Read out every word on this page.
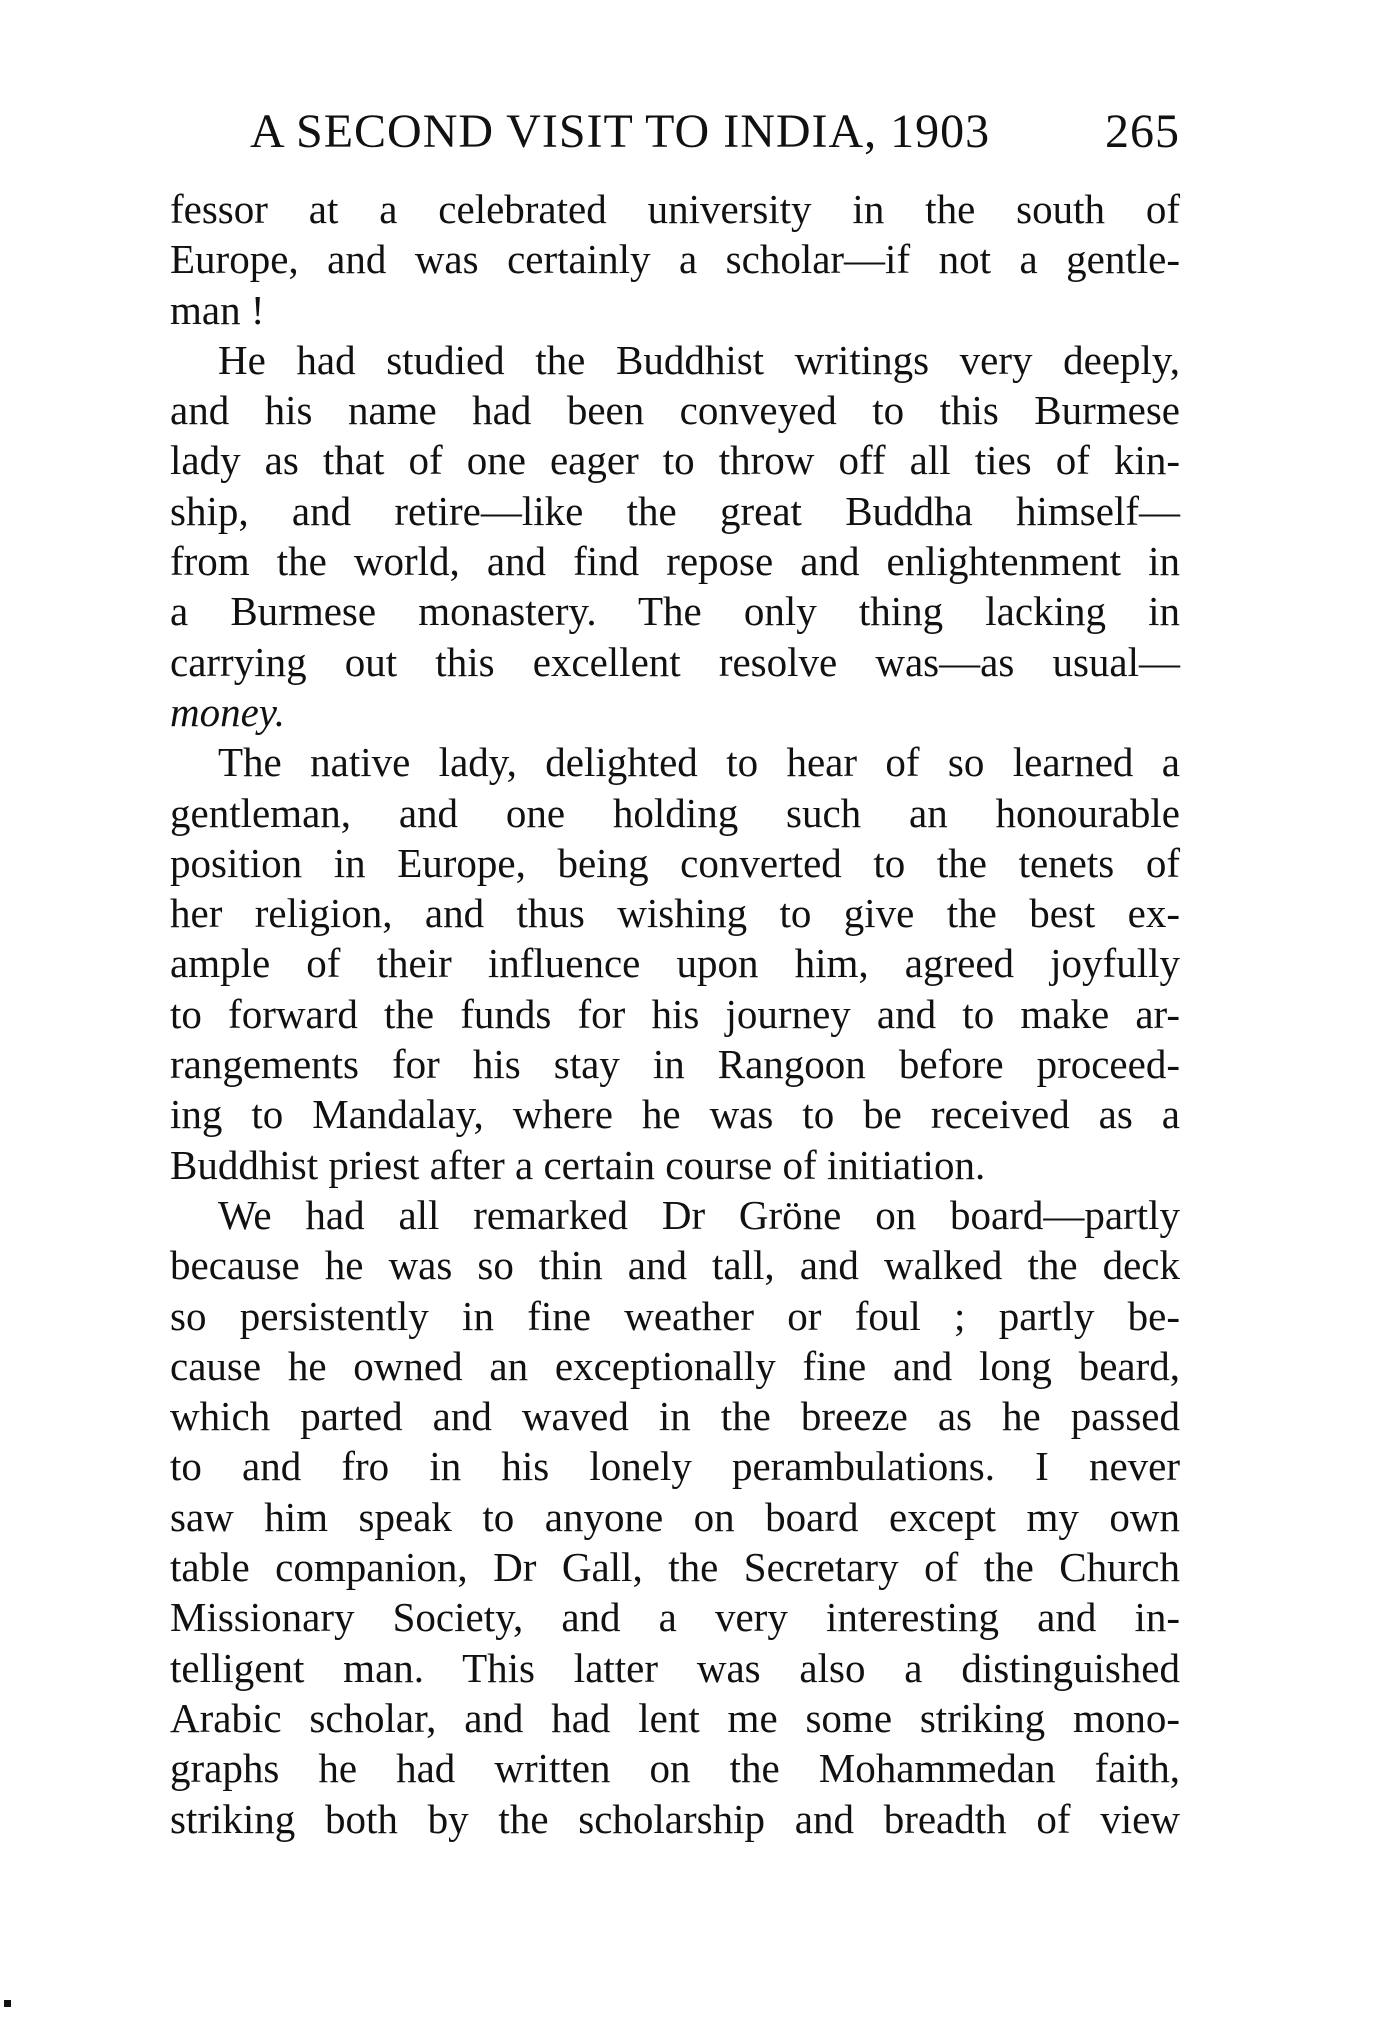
A SECOND VISIT TO INDIA, 1903 265
fessor at a celebrated university in the south of
Europe, and was certainly a scholar—if not a gentle-
man !
He had studied the Buddhist writings very deeply,
and his name had been conveyed to this Burmese
lady as that of one eager to throw off all ties of kin-
ship, and retire—like the great Buddha himself—
from the world, and find repose and enlightenment in
a Burmese monastery. The only thing lacking in
carrying out this excellent resolve was—as usual—
money.
The native lady, delighted to hear of so learned a
gentleman, and one holding such an honourable
position in Europe, being converted to the tenets of
her religion, and thus wishing to give the best ex-
ample of their influence upon him, agreed joyfully
to forward the funds for his journey and to make ar-
rangements for his stay in Rangoon before proceed-
ing to Mandalay, where he was to be received as a
Buddhist priest after a certain course of initiation.
We had all remarked Dr Gröne on board—partly
because he was so thin and tall, and walked the deck
so persistently in fine weather or foul ; partly be-
cause he owned an exceptionally fine and long beard,
which parted and waved in the breeze as he passed
to and fro in his lonely perambulations. I never
saw him speak to anyone on board except my own
table companion, Dr Gall, the Secretary of the Church
Missionary Society, and a very interesting and in-
telligent man. This latter was also a distinguished
Arabic scholar, and had lent me some striking mono-
graphs he had written on the Mohammedan faith,
striking both by the scholarship and breadth of view
